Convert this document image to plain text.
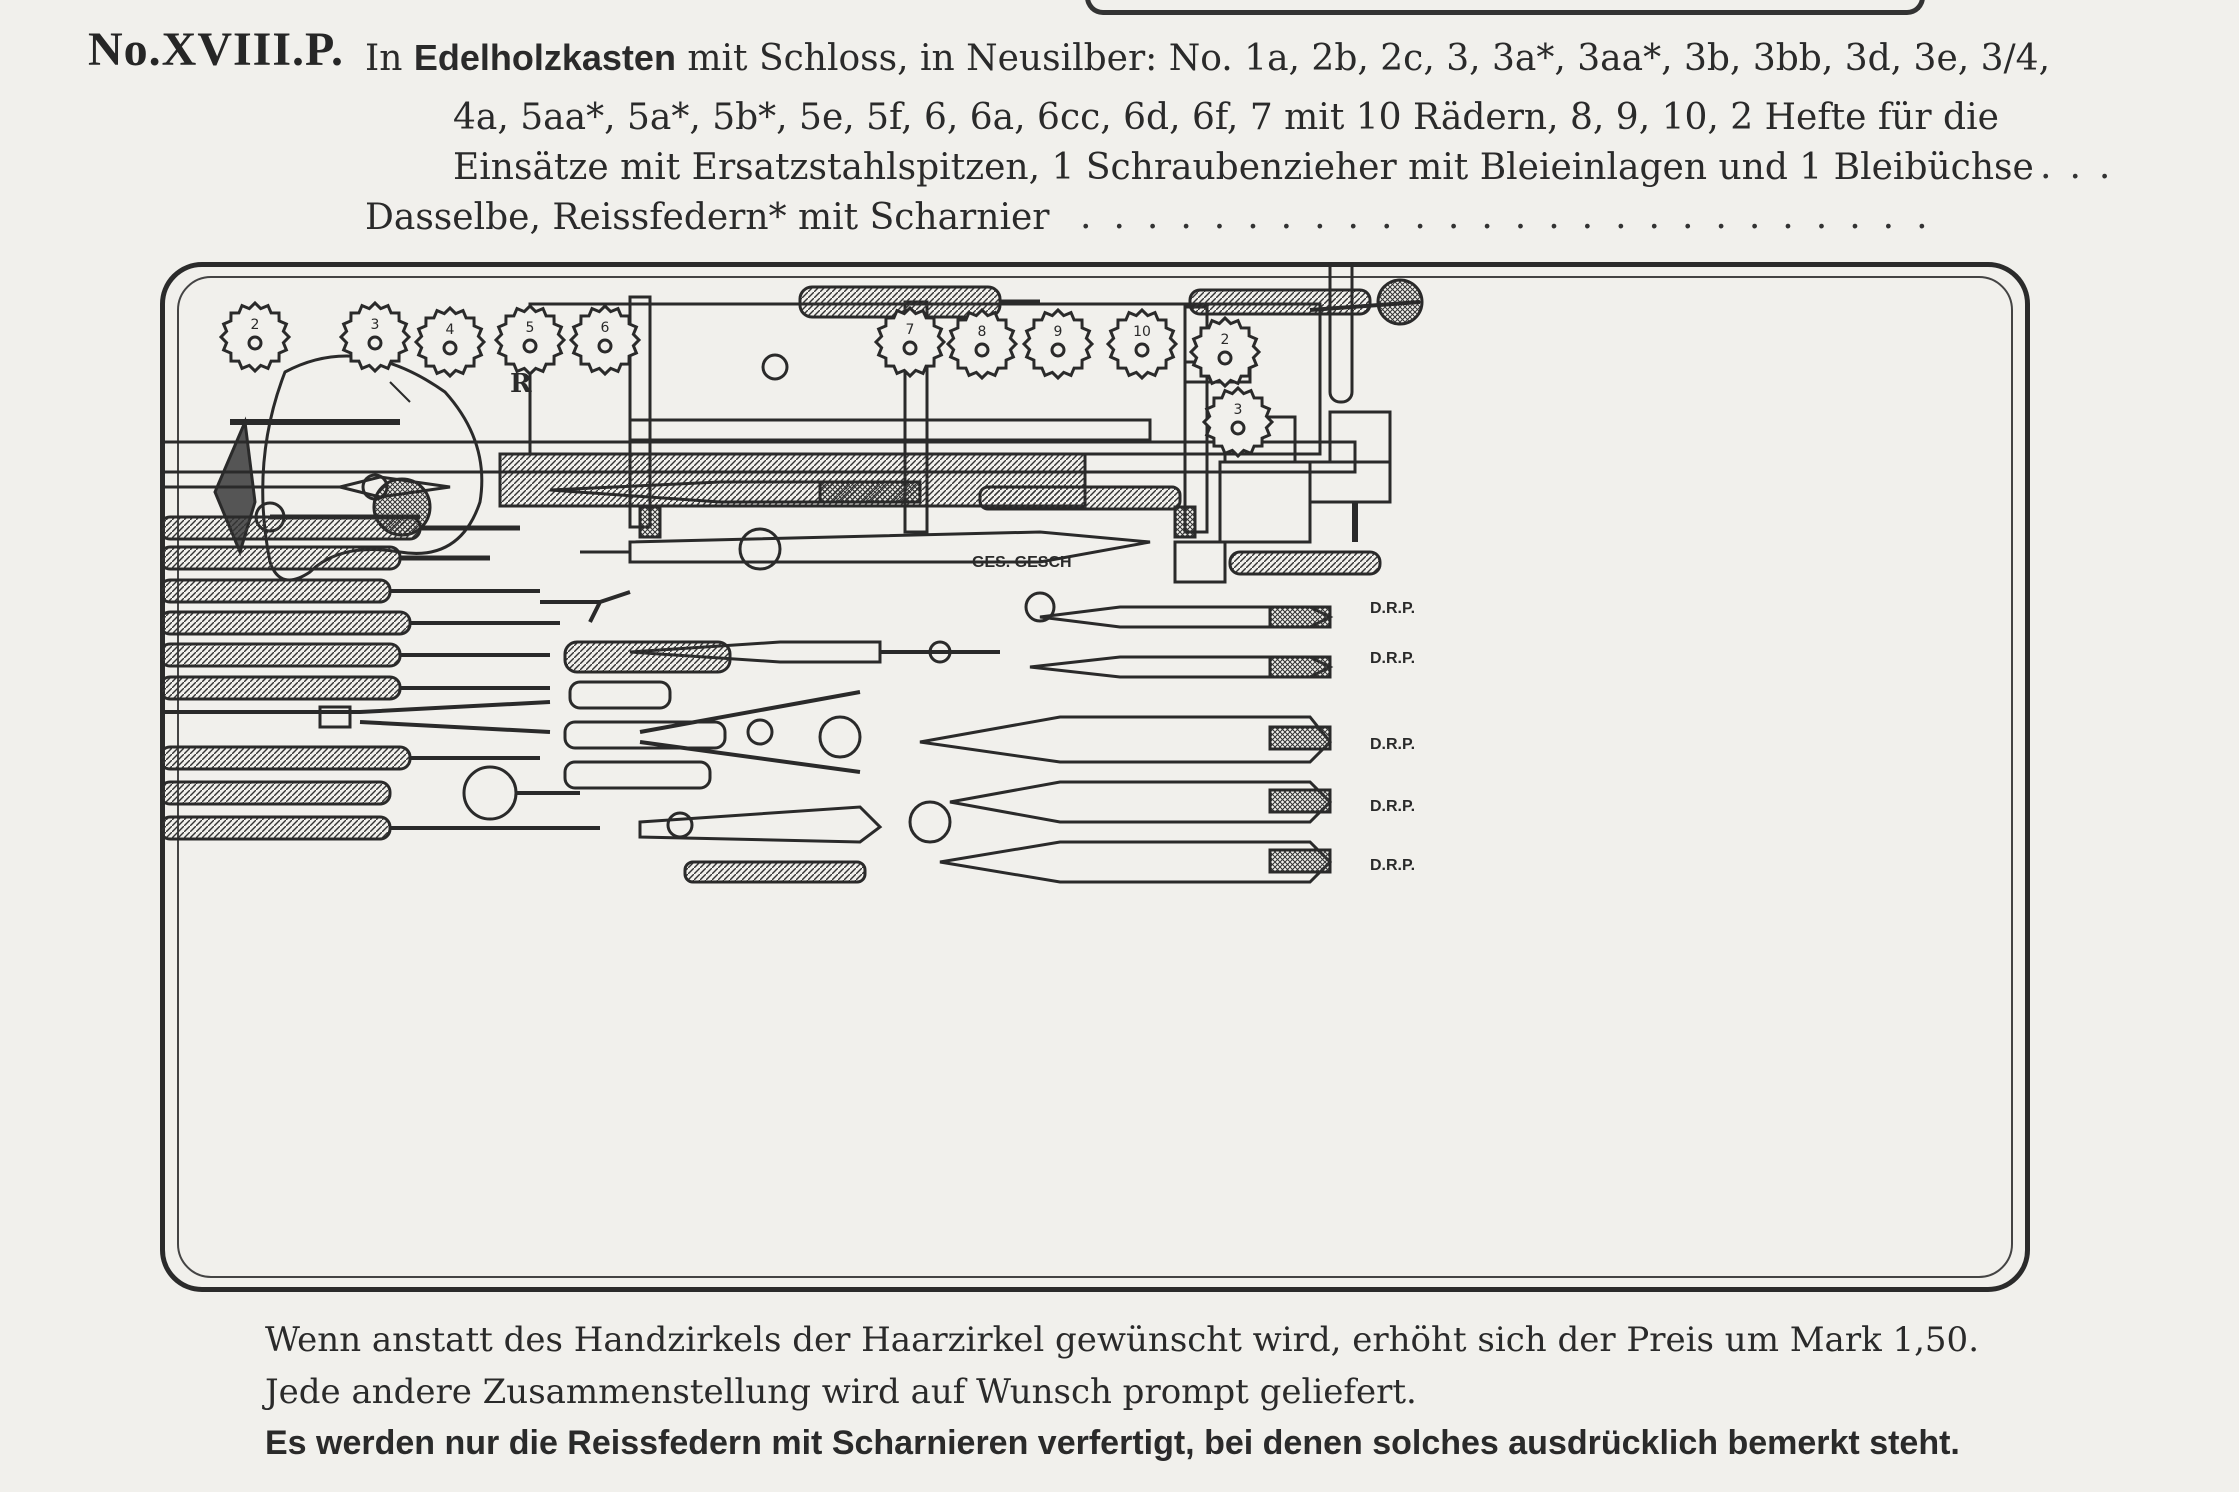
No.XVIII.P. In Edelholzkasten mit Schloss, in Neusilber: No. 1a, 2b, 2c, 3, 3a*, 3aa*, 3b, 3bb, 3d, 3e, 3/4,
4a, 5aa*, 5a*, 5b*, 5e, 5f, 6, 6a, 6cc, 6d, 6f, 7 mit 10 Rädern, 8, 9, 10, 2 Hefte für die
Einsätze mit Ersatzstahlspitzen, 1 Schraubenzieher mit Bleieinlagen und 1 Bleibüchse ...
Dasselbe, Reissfedern* mit Scharnier ..........................
2	3	4	5	6	7	8	9	10	2
3
GES. GESCH
D.R.P.
D.R.P.
D.R.P.
D.R.P.
D.R.P.
R
Wenn anstatt des Handzirkels der Haarzirkel gewünscht wird, erhöht sich der Preis um Mark 1,50.
Jede andere Zusammenstellung wird auf Wunsch prompt geliefert.
Es werden nur die Reissfedern mit Scharnieren verfertigt, bei denen solches ausdrücklich bemerkt steht.
